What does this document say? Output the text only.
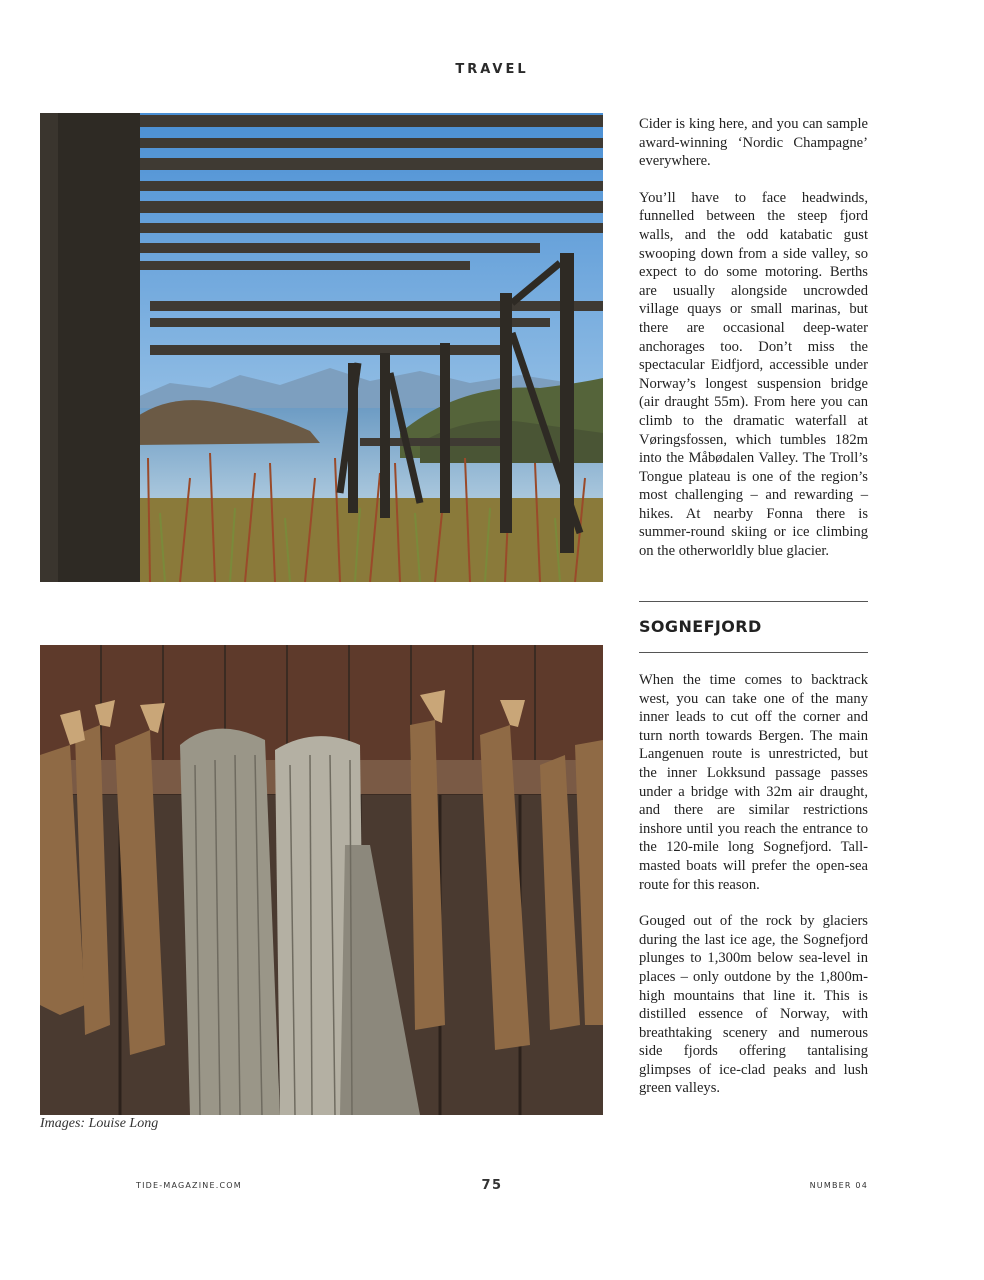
TRAVEL
Images: Louise Long

Cider is king here, and you can sample award-winning ‘Nordic Champagne’ everywhere.

You’ll have to face headwinds, funnelled between the steep fjord walls, and the odd katabatic gust swooping down from a side valley, so expect to do some motoring. Berths are usually alongside uncrowded village quays or small marinas, but there are occasional deep-water anchorages too. Don’t miss the spectacular Eidfjord, accessible under Norway’s longest suspension bridge (air draught 55m). From here you can climb to the dramatic waterfall at Vøringsfossen, which tumbles 182m into the Måbødalen Valley. The Troll’s Tongue plateau is one of the region’s most challenging – and rewarding – hikes. At nearby Fonna there is summer-round skiing or ice climbing on the otherworldly blue glacier.

SOGNEFJORD

When the time comes to backtrack west, you can take one of the many inner leads to cut off the corner and turn north towards Bergen. The main Langenuen route is unrestricted, but the inner Lokksund passage passes under a bridge with 32m air draught, and there are similar restrictions inshore until you reach the entrance to the 120-mile long Sognefjord. Tall-masted boats will prefer the open-sea route for this reason.

Gouged out of the rock by glaciers during the last ice age, the Sognefjord plunges to 1,300m below sea-level in places – only outdone by the 1,800m-high mountains that line it. This is distilled essence of Norway, with breathtaking scenery and numerous side fjords offering tantalising glimpses of ice-clad peaks and lush green valleys.

TIDE-MAGAZINE.COM	75	NUMBER 04
